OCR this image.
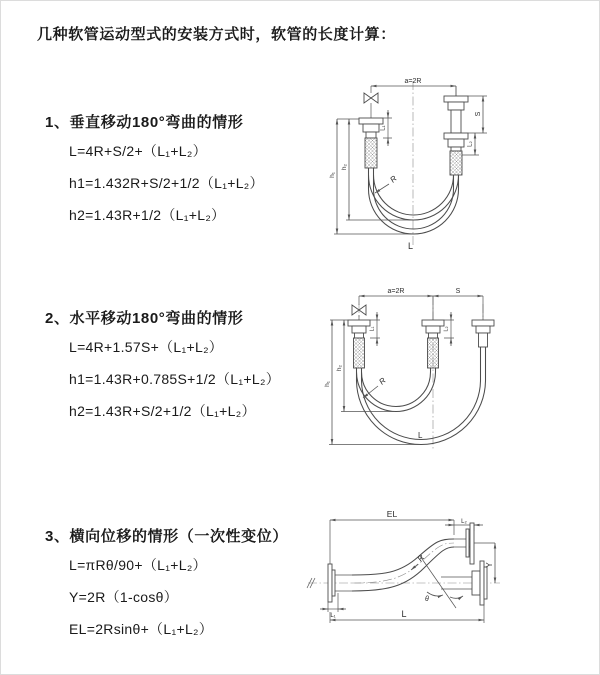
几种软管运动型式的安装方式时，软管的长度计算：
1、垂直移动180°弯曲的情形
L=4R+S/2+（L₁+L₂）
h1=1.432R+S/2+1/2（L₁+L₂）
h2=1.43R+1/2（L₁+L₂）
a=2R
L₁
S
L₂
h₂
h₁	R
L
2、水平移动180°弯曲的情形
L=4R+1.57S+（L₁+L₂）
h1=1.43R+0.785S+1/2（L₁+L₂）
h2=1.43R+S/2+1/2（L₁+L₂）
a=2R	S
L₁	L₂
h₂
h₁	R
L
3、横向位移的情形（一次性变位）
L=πRθ/90+（L₁+L₂）
Y=2R（1-cosθ）
EL=2Rsinθ+（L₁+L₂）
EL
L₂
θ
R
Y
L₁	L
